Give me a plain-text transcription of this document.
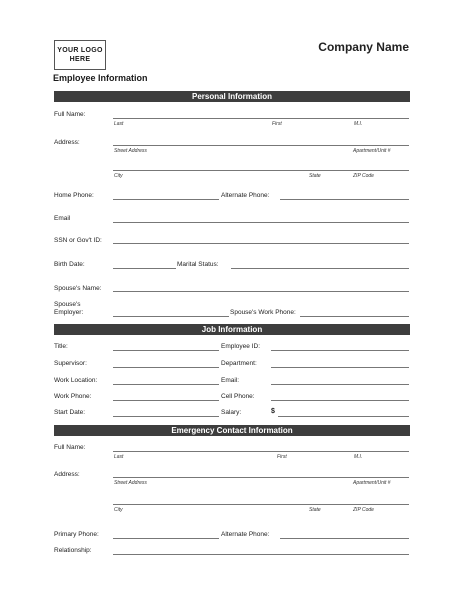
YOUR LOGO HERE
Company Name
Employee Information
Personal Information
Full Name:
Last	First	M.I.
Address:
Street Address	Apartment/Unit #
City	State	ZIP Code
Home Phone:	Alternate Phone:
Email
SSN or Gov't ID:
Birth Date:	Marital Status:
Spouse's Name:
Spouse's Employer:	Spouse's Work Phone:
Job Information
Title:	Employee ID:
Supervisor:	Department:
Work Location:	Email:
Work Phone:	Cell Phone:
Start Date:	Salary:	$
Emergency Contact Information
Full Name:
Last	First	M.I.
Address:
Street Address	Apartment/Unit #
City	State	ZIP Code
Primary Phone:	Alternate Phone:
Relationship:
